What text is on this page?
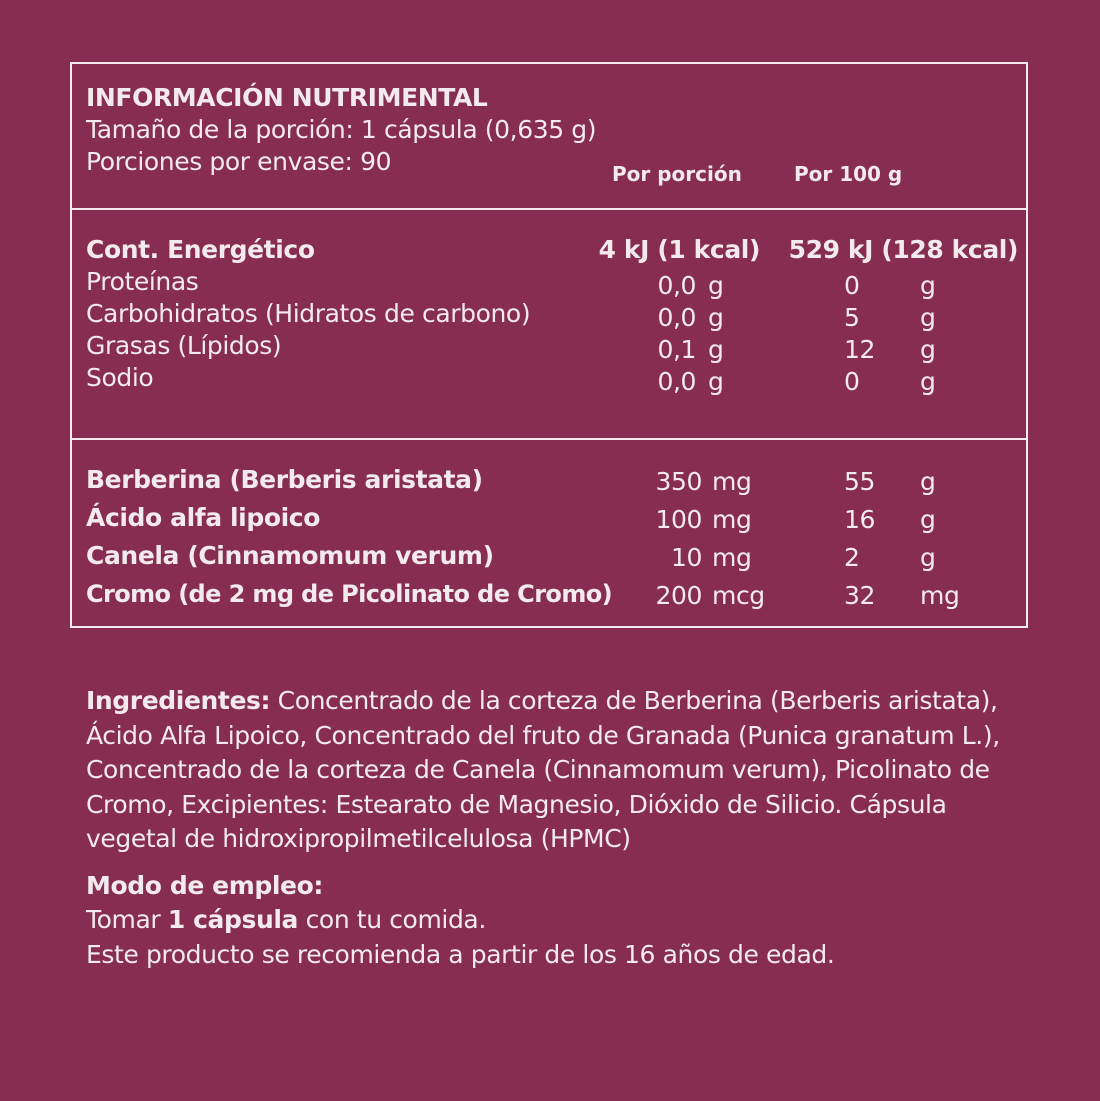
INFORMACIÓN NUTRIMENTAL
Tamaño de la porción: 1 cápsula (0,635 g)
Porciones por envase: 90	Por porción	Por 100 g
Cont. Energético	4 kJ (1 kcal)	529 kJ (128 kcal)
Proteínas	0,0 g	0 g
Carbohidratos (Hidratos de carbono)	0,0 g	5 g
Grasas (Lípidos)	0,1 g	12 g
Sodio	0,0 g	0 g
Berberina (Berberis aristata)	350 mg	55 g
Ácido alfa lipoico	100 mg	16 g
Canela (Cinnamomum verum)	10 mg	2 g
Cromo (de 2 mg de Picolinato de Cromo)	200 mcg	32 mg

Ingredientes: Concentrado de la corteza de Berberina (Berberis aristata), Ácido Alfa Lipoico, Concentrado del fruto de Granada (Punica granatum L.), Concentrado de la corteza de Canela (Cinnamomum verum), Picolinato de Cromo, Excipientes: Estearato de Magnesio, Dióxido de Silicio. Cápsula vegetal de hidroxipropilmetilcelulosa (HPMC)

Modo de empleo:

Tomar 1 cápsula con tu comida.

Este producto se recomienda a partir de los 16 años de edad.
